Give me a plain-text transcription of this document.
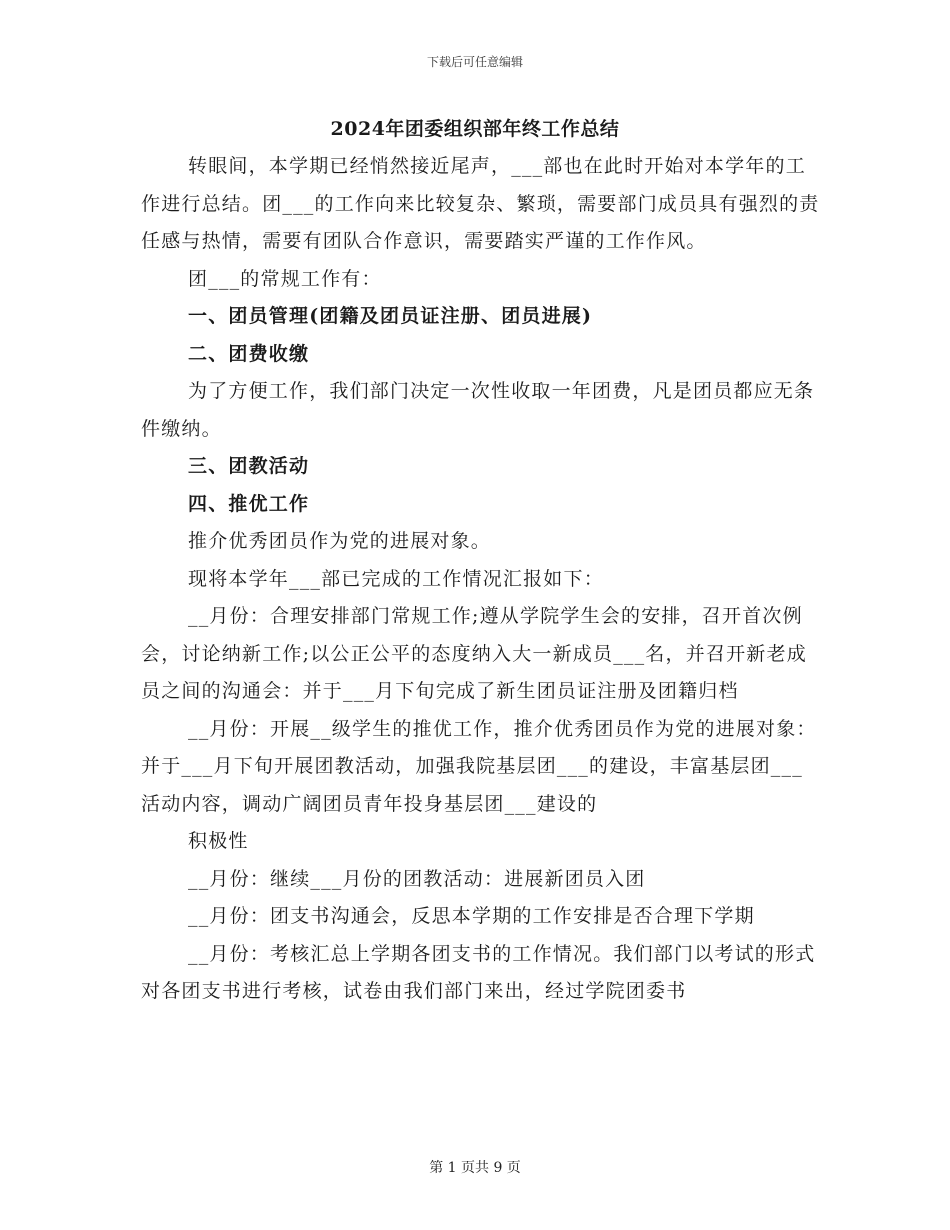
下载后可任意编辑
2024年团委组织部年终工作总结

转眼间，本学期已经悄然接近尾声，___部也在此时开始对本学年的工作进行总结。团___的工作向来比较复杂、繁琐，需要部门成员具有强烈的责任感与热情，需要有团队合作意识，需要踏实严谨的工作作风。

团___的常规工作有：

一、团员管理(团籍及团员证注册、团员进展)

二、团费收缴

为了方便工作，我们部门决定一次性收取一年团费，凡是团员都应无条件缴纳。

三、团教活动

四、推优工作

推介优秀团员作为党的进展对象。

现将本学年___部已完成的工作情况汇报如下：

__月份：合理安排部门常规工作;遵从学院学生会的安排，召开首次例会，讨论纳新工作;以公正公平的态度纳入大一新成员___名，并召开新老成员之间的沟通会：并于___月下旬完成了新生团员证注册及团籍归档

__月份：开展__级学生的推优工作，推介优秀团员作为党的进展对象：并于___月下旬开展团教活动，加强我院基层团___的建设，丰富基层团___活动内容，调动广阔团员青年投身基层团___建设的

积极性

__月份：继续___月份的团教活动：进展新团员入团

__月份：团支书沟通会，反思本学期的工作安排是否合理下学期

__月份：考核汇总上学期各团支书的工作情况。我们部门以考试的形式对各团支书进行考核，试卷由我们部门来出，经过学院团委书

第 1 页共 9 页
